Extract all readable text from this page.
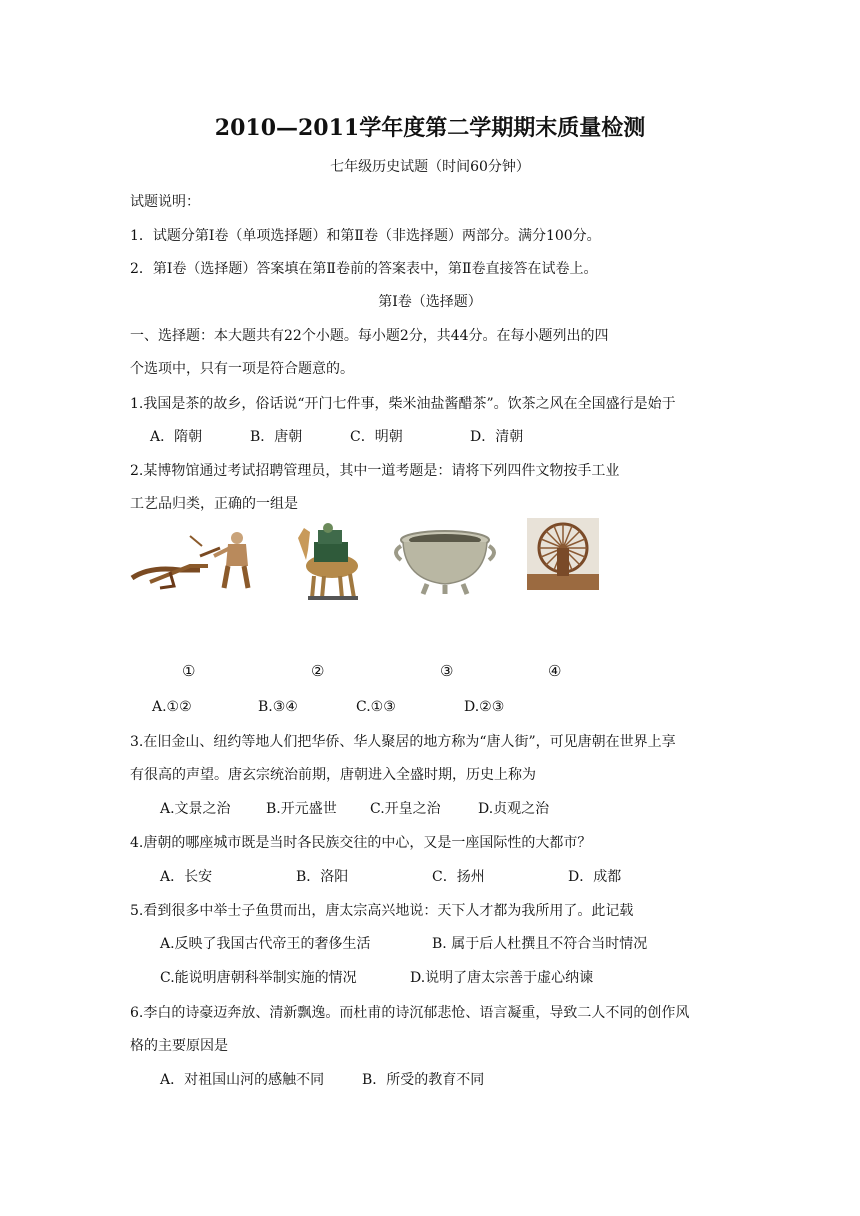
2010—2011学年度第二学期期末质量检测
七年级历史试题（时间60分钟）
试题说明：
1．试题分第Ⅰ卷（单项选择题）和第Ⅱ卷（非选择题）两部分。满分100分。
2．第Ⅰ卷（选择题）答案填在第Ⅱ卷前的答案表中，第Ⅱ卷直接答在试卷上。
第Ⅰ卷（选择题）
一、选择题：本大题共有22个小题。每小题2分，共44分。在每小题列出的四
个选项中，只有一项是符合题意的。
1.我国是茶的故乡，俗话说“开门七件事，柴米油盐酱醋茶”。饮茶之风在全国盛行是始于
A．隋朝	B．唐朝	C．明朝	D．清朝
2.某博物馆通过考试招聘管理员，其中一道考题是：请将下列四件文物按手工业
工艺品归类，正确的一组是
①	②	③	④
A.①②	B.③④	C.①③	D.②③
3.在旧金山、纽约等地人们把华侨、华人聚居的地方称为“唐人街”，可见唐朝在世界上享
有很高的声望。唐玄宗统治前期，唐朝进入全盛时期，历史上称为
A.文景之治	B.开元盛世 C.开皇之治	D.贞观之治
4.唐朝的哪座城市既是当时各民族交往的中心，又是一座国际性的大都市？
A．长安	B．洛阳	C．扬州	D．成都
5.看到很多中举士子鱼贯而出，唐太宗高兴地说：天下人才都为我所用了。此记载
A.反映了我国古代帝王的奢侈生活	B. 属于后人杜撰且不符合当时情况
C.能说明唐朝科举制实施的情况	D.说明了唐太宗善于虚心纳谏
6.李白的诗豪迈奔放、清新飘逸。而杜甫的诗沉郁悲怆、语言凝重，导致二人不同的创作风
格的主要原因是
A．对祖国山河的感触不同	B．所受的教育不同
